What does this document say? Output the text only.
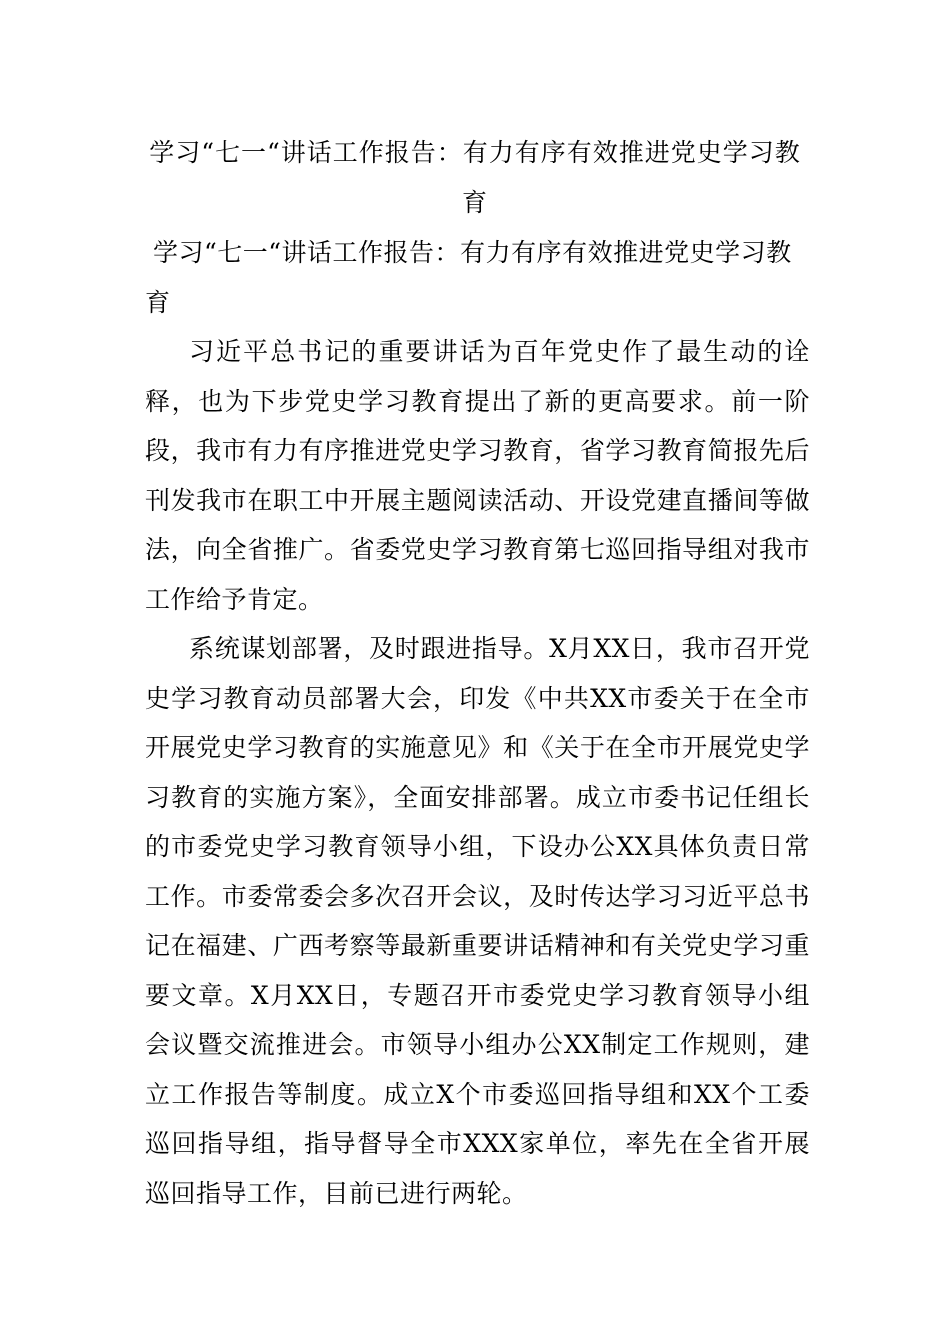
学习“七一“讲话工作报告：有力有序有效推进党史学习教育

学习“七一“讲话工作报告：有力有序有效推进党史学习教育

习近平总书记的重要讲话为百年党史作了最生动的诠释，也为下步党史学习教育提出了新的更高要求。前一阶段，我市有力有序推进党史学习教育，省学习教育简报先后刊发我市在职工中开展主题阅读活动、开设党建直播间等做法，向全省推广。省委党史学习教育第七巡回指导组对我市工作给予肯定。

系统谋划部署，及时跟进指导。X月XX日，我市召开党史学习教育动员部署大会，印发《中共XX市委关于在全市开展党史学习教育的实施意见》和《关于在全市开展党史学习教育的实施方案》，全面安排部署。成立市委书记任组长的市委党史学习教育领导小组，下设办公XX具体负责日常工作。市委常委会多次召开会议，及时传达学习习近平总书记在福建、广西考察等最新重要讲话精神和有关党史学习重要文章。X月XX日，专题召开市委党史学习教育领导小组会议暨交流推进会。市领导小组办公XX制定工作规则，建立工作报告等制度。成立X个市委巡回指导组和XX个工委巡回指导组，指导督导全市XXX家单位，率先在全省开展巡回指导工作，目前已进行两轮。
